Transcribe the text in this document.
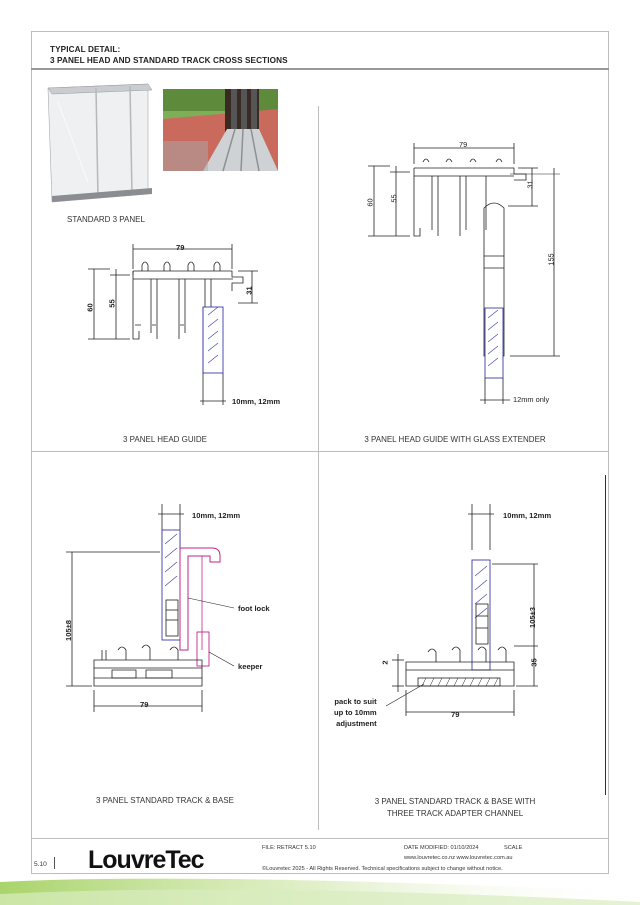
TYPICAL DETAIL:
3 PANEL HEAD AND STANDARD TRACK CROSS SECTIONS
STANDARD 3 PANEL
79
60 55
31
10mm, 12mm
79
60 55
31
155
12mm only
3 PANEL HEAD GUIDE	3 PANEL HEAD GUIDE WITH GLASS EXTENDER
10mm, 12mm
105±8
79
foot lock
keeper
10mm, 12mm
105±3
35
2
79
pack to suit
up to 10mm
adjustment
3 PANEL STANDARD TRACK & BASE	3 PANEL STANDARD TRACK & BASE WITH
THREE TRACK ADAPTER CHANNEL
5.10 LouvreTec	FILE: RETRACT 5.10	DATE MODIFIED: 01/10/2024	SCALE
www.louvretec.co.nz www.louvretec.com.au
©Louvretec 2025 - All Rights Reserved. Technical specifications subject to change without notice.
